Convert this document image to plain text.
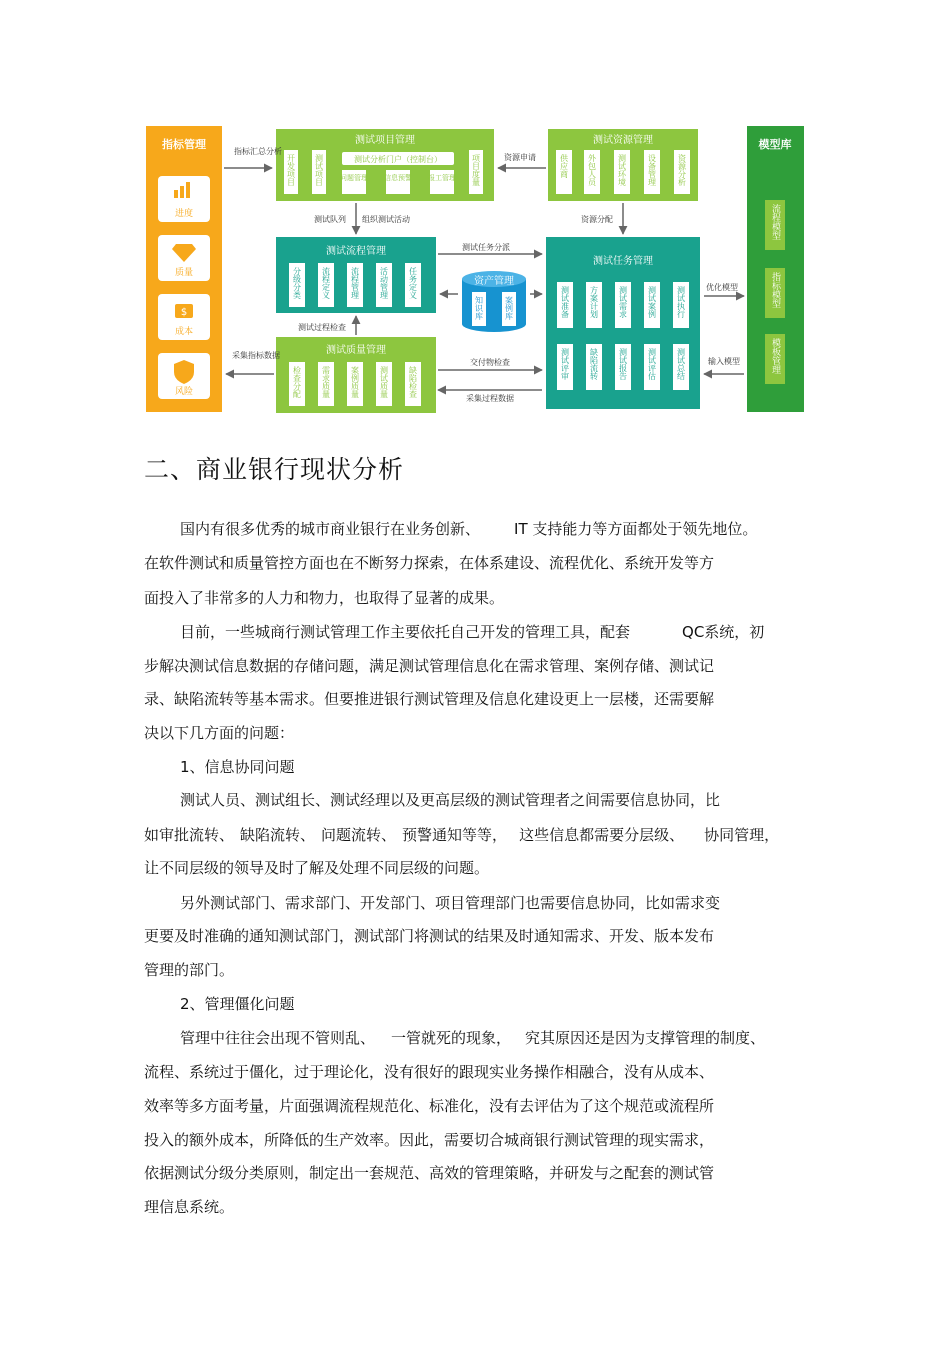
指标管理
进度
质量
$
成本
风险
模型库
流程模型
指标模型
模板管理
测试项目管理
开发项目 测试项目	测试分析门户（控制台）
问题管理 信息预警 报工管理 项目度量
测试资源管理
供应商 外包人员	测试环境	设备管理	资源分析
测试流程管理
分级分类	流程定义	流程管理	活动管理	任务定义	资产管理
知识库	案例库
测试任务管理
测试准备	方案计划	测试需求	测试案例	测试执行
测试评审	缺陷流转	测试报告	测试评估	测试总结
测试质量管理
检查分配	需求质量	案例质量	测试质量	缺陷检查
指标汇总分析
资源申请
测试队列 组织测试活动	资源分配
测试任务分派
优化模型
测试过程检查
采集指标数据
交付物检查
采集过程数据
输入模型
二、商业银行现状分析

国内有很多优秀的城市商业银行在业务创新、 IT 支持能力等方面都处于领先地位。

在软件测试和质量管控方面也在不断努力探索，在体系建设、流程优化、系统开发等方

面投入了非常多的人力和物力，也取得了显著的成果。

目前，一些城商行测试管理工作主要依托自己开发的管理工具，配套	QC系统，初

步解决测试信息数据的存储问题，满足测试管理信息化在需求管理、案例存储、测试记

录、缺陷流转等基本需求。但要推进银行测试管理及信息化建设更上一层楼，还需要解

决以下几方面的问题：

1、信息协同问题

测试人员、测试组长、测试经理以及更高层级的测试管理者之间需要信息协同，比

如审批流转、 缺陷流转、 问题流转、 预警通知等等， 这些信息都需要分层级、 协同管理，

让不同层级的领导及时了解及处理不同层级的问题。

另外测试部门、需求部门、开发部门、项目管理部门也需要信息协同，比如需求变

更要及时准确的通知测试部门，测试部门将测试的结果及时通知需求、开发、版本发布

管理的部门。

2、管理僵化问题

管理中往往会出现不管则乱、 一管就死的现象， 究其原因还是因为支撑管理的制度、

流程、系统过于僵化，过于理论化，没有很好的跟现实业务操作相融合，没有从成本、

效率等多方面考量，片面强调流程规范化、标准化，没有去评估为了这个规范或流程所

投入的额外成本，所降低的生产效率。因此，需要切合城商银行测试管理的现实需求，

依据测试分级分类原则，制定出一套规范、高效的管理策略，并研发与之配套的测试管

理信息系统。
